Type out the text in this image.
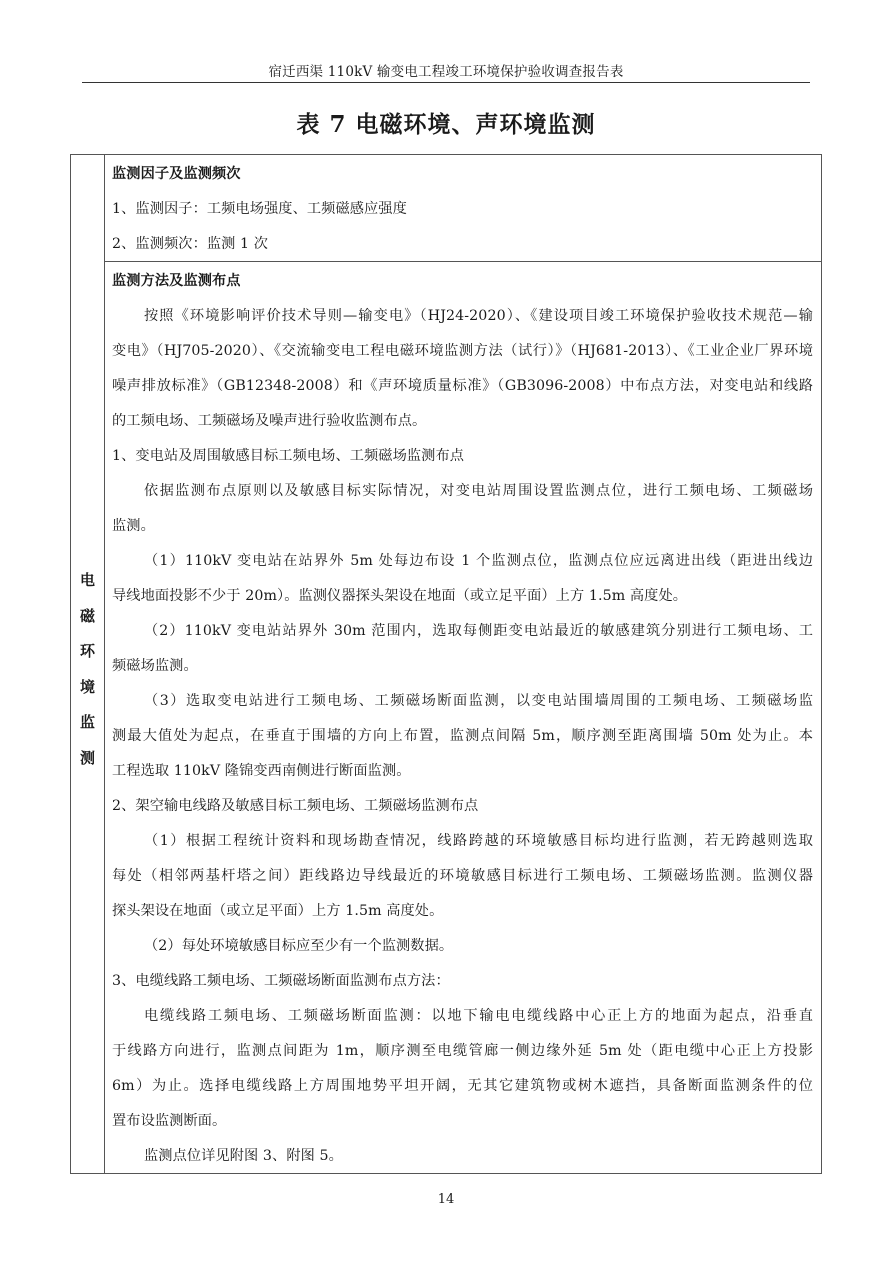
宿迁西渠 110kV 输变电工程竣工环境保护验收调查报告表
表 7 电磁环境、声环境监测
电
磁
环
境
监
测
监测因子及监测频次
1、监测因子：工频电场强度、工频磁感应强度
2、监测频次：监测 1 次
监测方法及监测布点
按照《环境影响评价技术导则—输变电》（HJ24-2020）、《建设项目竣工环境保护验收技术规范—输
变电》（HJ705-2020）、《交流输变电工程电磁环境监测方法（试行）》（HJ681-2013）、《工业企业厂界环境
噪声排放标准》（GB12348-2008）和《声环境质量标准》（GB3096-2008）中布点方法，对变电站和线路
的工频电场、工频磁场及噪声进行验收监测布点。
1、变电站及周围敏感目标工频电场、工频磁场监测布点
依据监测布点原则以及敏感目标实际情况，对变电站周围设置监测点位，进行工频电场、工频磁场
监测。
（1）110kV 变电站在站界外 5m 处每边布设 1 个监测点位，监测点位应远离进出线（距进出线边
导线地面投影不少于 20m）。监测仪器探头架设在地面（或立足平面）上方 1.5m 高度处。
（2）110kV 变电站站界外 30m 范围内，选取每侧距变电站最近的敏感建筑分别进行工频电场、工
频磁场监测。
（3）选取变电站进行工频电场、工频磁场断面监测，以变电站围墙周围的工频电场、工频磁场监
测最大值处为起点，在垂直于围墙的方向上布置，监测点间隔 5m，顺序测至距离围墙 50m 处为止。本
工程选取 110kV 隆锦变西南侧进行断面监测。
2、架空输电线路及敏感目标工频电场、工频磁场监测布点
（1）根据工程统计资料和现场勘查情况，线路跨越的环境敏感目标均进行监测，若无跨越则选取
每处（相邻两基杆塔之间）距线路边导线最近的环境敏感目标进行工频电场、工频磁场监测。监测仪器
探头架设在地面（或立足平面）上方 1.5m 高度处。
（2）每处环境敏感目标应至少有一个监测数据。
3、电缆线路工频电场、工频磁场断面监测布点方法：
电缆线路工频电场、工频磁场断面监测：以地下输电电缆线路中心正上方的地面为起点，沿垂直
于线路方向进行，监测点间距为 1m，顺序测至电缆管廊一侧边缘外延 5m 处（距电缆中心正上方投影
6m）为止。选择电缆线路上方周围地势平坦开阔，无其它建筑物或树木遮挡，具备断面监测条件的位
置布设监测断面。
监测点位详见附图 3、附图 5。
14
